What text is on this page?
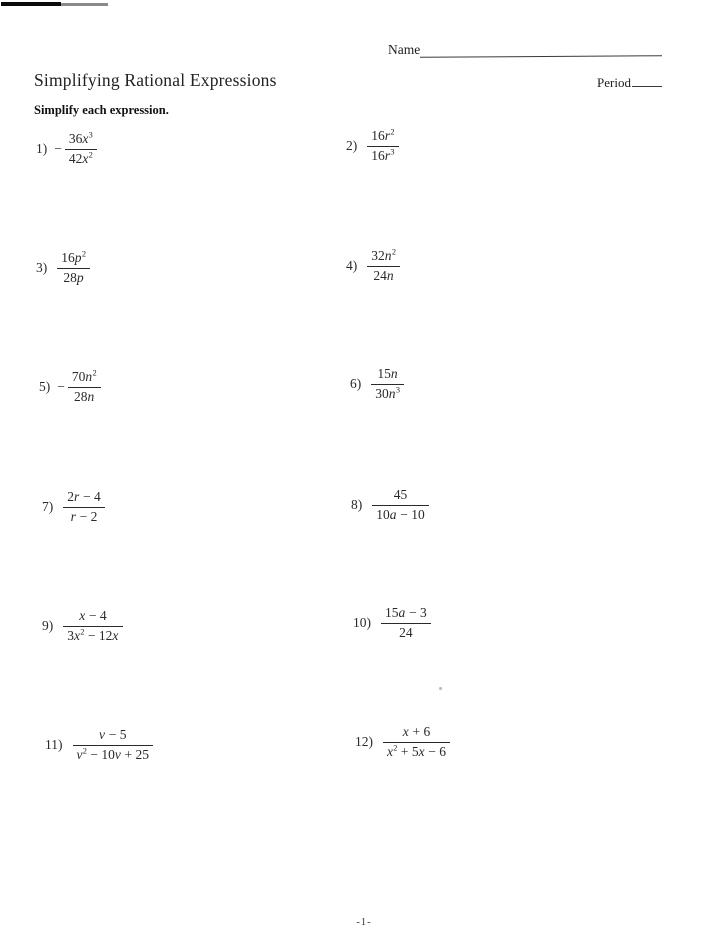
Name
Period
Simplifying Rational Expressions
Simplify each expression.
$1) - \frac{36x^3}{42x^2}$	$2) \frac{16r^2}{16r^3}$
$3) \frac{16p^2}{28p}$	$4) \frac{32n^2}{24n}$
$5) - \frac{70n^2}{28n}$	$6) \frac{15n}{30n^3}$
$7) \frac{2r - 4}{r - 2}$	$8) \frac{45}{10a - 10}$
$9) \frac{x - 4}{3x^2 - 12x}$	$10) \frac{15a - 3}{24}$
$11) \frac{v - 5}{v^2 - 10v + 25}$	$12) \frac{x + 6}{x^2 + 5x - 6}$
-1-
